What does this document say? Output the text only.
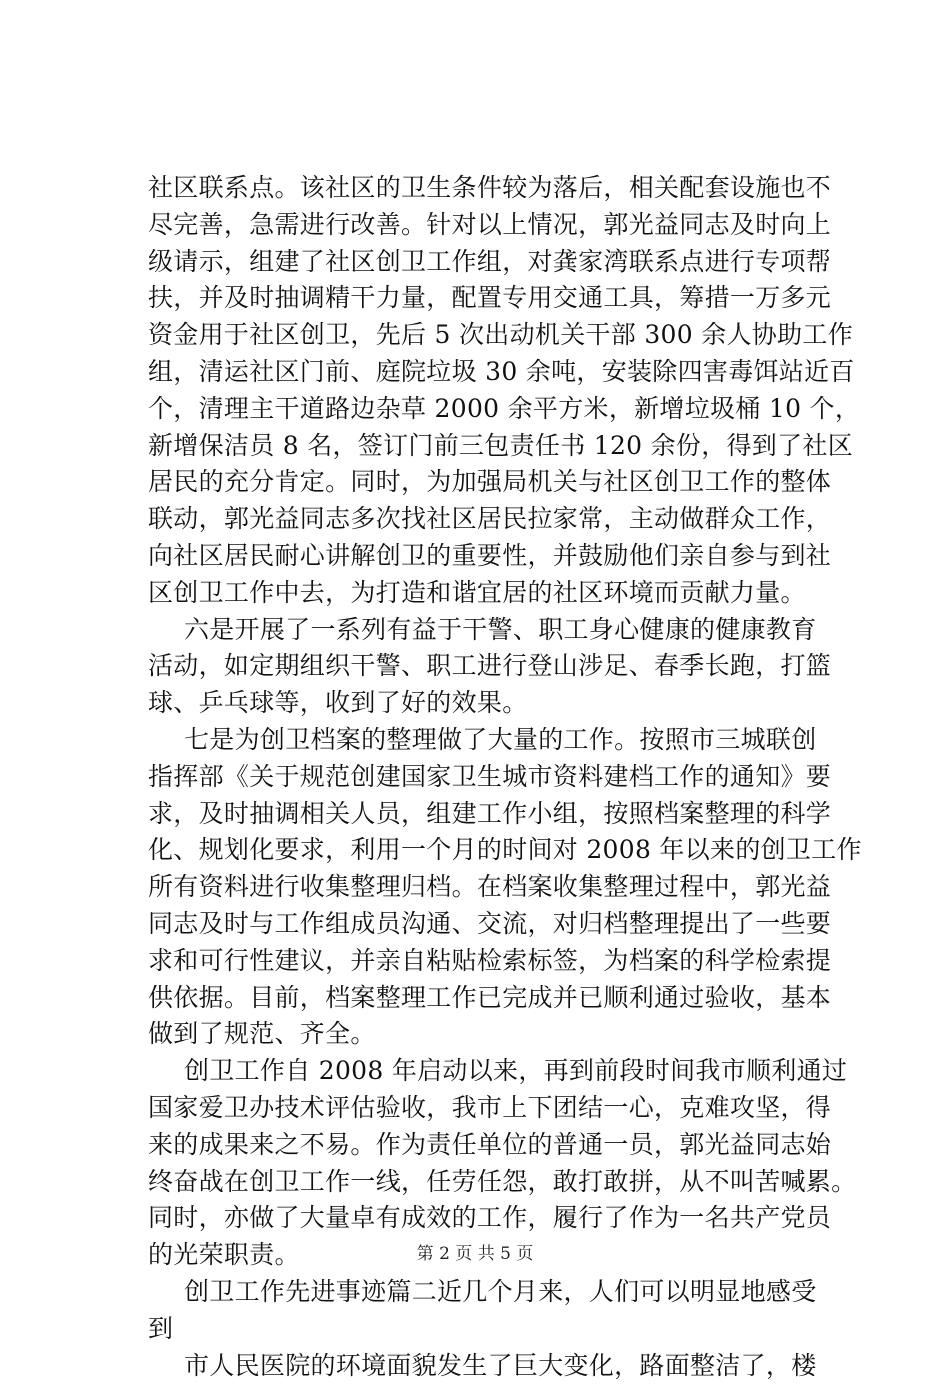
社区联系点。该社区的卫生条件较为落后，相关配套设施也不
尽完善，急需进行改善。针对以上情况，郭光益同志及时向上
级请示，组建了社区创卫工作组，对龚家湾联系点进行专项帮
扶，并及时抽调精干力量，配置专用交通工具，筹措一万多元
资金用于社区创卫，先后 5 次出动机关干部 300 余人协助工作
组，清运社区门前、庭院垃圾 30 余吨，安装除四害毒饵站近百
个，清理主干道路边杂草 2000 余平方米，新增垃圾桶 10 个，
新增保洁员 8 名，签订门前三包责任书 120 余份，得到了社区
居民的充分肯定。同时，为加强局机关与社区创卫工作的整体
联动，郭光益同志多次找社区居民拉家常，主动做群众工作，
向社区居民耐心讲解创卫的重要性，并鼓励他们亲自参与到社
区创卫工作中去，为打造和谐宜居的社区环境而贡献力量。
六是开展了一系列有益于干警、职工身心健康的健康教育
活动，如定期组织干警、职工进行登山涉足、春季长跑，打篮
球、乒乓球等，收到了好的效果。
七是为创卫档案的整理做了大量的工作。按照市三城联创
指挥部《关于规范创建国家卫生城市资料建档工作的通知》要
求，及时抽调相关人员，组建工作小组，按照档案整理的科学
化、规划化要求，利用一个月的时间对 2008 年以来的创卫工作
所有资料进行收集整理归档。在档案收集整理过程中，郭光益
同志及时与工作组成员沟通、交流，对归档整理提出了一些要
求和可行性建议，并亲自粘贴检索标签，为档案的科学检索提
供依据。目前，档案整理工作已完成并已顺利通过验收，基本
做到了规范、齐全。
创卫工作自 2008 年启动以来，再到前段时间我市顺利通过
国家爱卫办技术评估验收，我市上下团结一心，克难攻坚，得
来的成果来之不易。作为责任单位的普通一员，郭光益同志始
终奋战在创卫工作一线，任劳任怨，敢打敢拼，从不叫苦喊累。
同时，亦做了大量卓有成效的工作，履行了作为一名共产党员
的光荣职责。
创卫工作先进事迹篇二近几个月来，人们可以明显地感受
到
市人民医院的环境面貌发生了巨大变化，路面整洁了，楼
第 2 页 共 5 页
